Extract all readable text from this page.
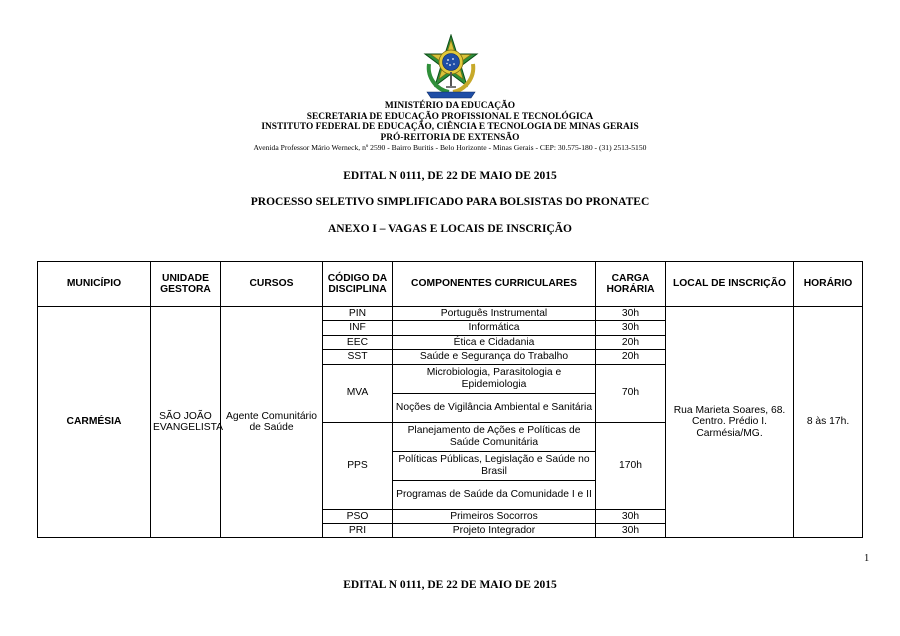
MINISTÉRIO DA EDUCAÇÃO
SECRETARIA DE EDUCAÇÃO PROFISSIONAL E TECNOLÓGICA
INSTITUTO FEDERAL DE EDUCAÇÃO, CIÊNCIA E TECNOLOGIA DE MINAS GERAIS
PRÓ-REITORIA DE EXTENSÃO
Avenida Professor Mário Werneck, nº 2590 - Bairro Buritis - Belo Horizonte - Minas Gerais - CEP: 30.575-180 - (31) 2513-5150
EDITAL N 0111, DE 22 DE MAIO DE 2015
PROCESSO SELETIVO SIMPLIFICADO PARA BOLSISTAS DO PRONATEC
ANEXO I – VAGAS E LOCAIS DE INSCRIÇÃO
MUNICÍPIO	UNIDADE GESTORA	CURSOS	CÓDIGO DA DISCIPLINA	COMPONENTES CURRICULARES	CARGA HORÁRIA	LOCAL DE INSCRIÇÃO	HORÁRIO
CARMÉSIA	SÃO JOÃO EVANGELISTA	Agente Comunitário de Saúde	PIN	Português Instrumental	30h	Rua Marieta Soares, 68. Centro. Prédio I. Carmésia/MG.	8 às 17h.
			INF	Informática	30h		
			EEC	Ética e Cidadania	20h		
			SST	Saúde e Segurança do Trabalho	20h		
			MVA	Microbiologia, Parasitologia e Epidemiologia	70h		
				Noções de Vigilância Ambiental e Sanitária			
			PPS	Planejamento de Ações e Políticas de Saúde Comunitária	170h		
				Políticas Públicas, Legislação e Saúde no Brasil			
				Programas de Saúde da Comunidade I e II			
			PSO	Primeiros Socorros	30h		
			PRI	Projeto Integrador	30h		
1
EDITAL N 0111, DE 22 DE MAIO DE 2015
